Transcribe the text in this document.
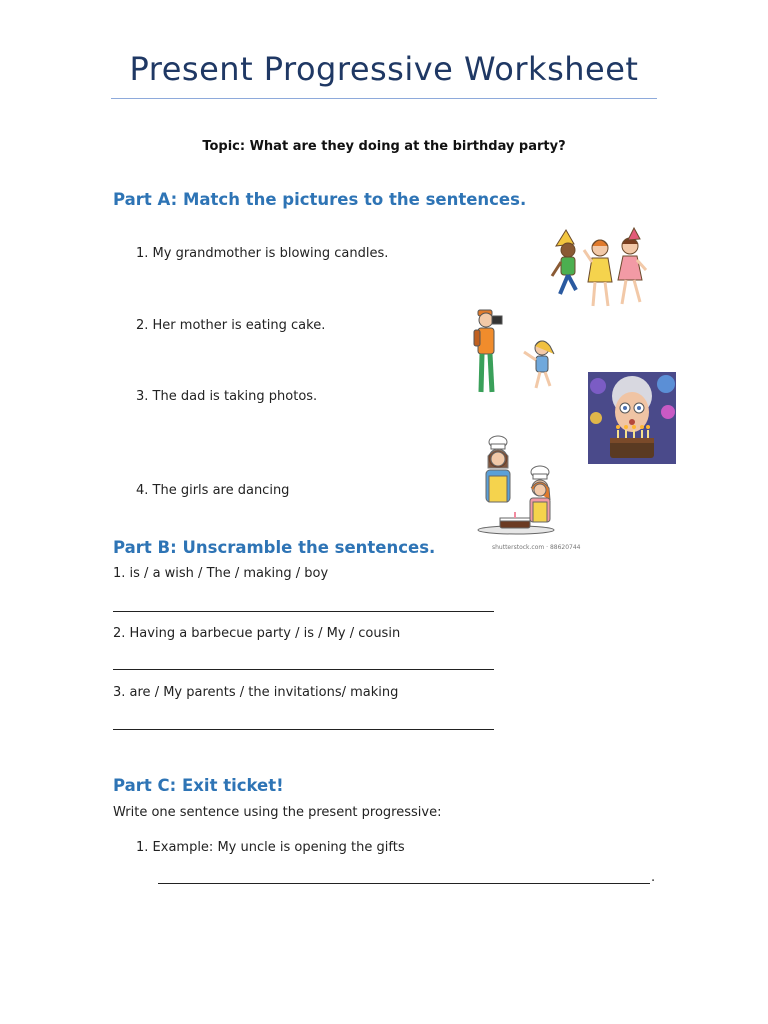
Present Progressive Worksheet
Topic: What are they doing at the birthday party?
Part A: Match the pictures to the sentences.
1. My grandmother is blowing candles.
2. Her mother is eating cake.
3. The dad is taking photos.
4. The girls are dancing
shutterstock.com · 88620744
Part B: Unscramble the sentences.
1. is / a wish / The / making / boy
2. Having a barbecue party / is / My / cousin
3. are / My parents / the invitations/ making
Part C: Exit ticket!
Write one sentence using the present progressive:
1. Example: My uncle is opening the gifts
.
